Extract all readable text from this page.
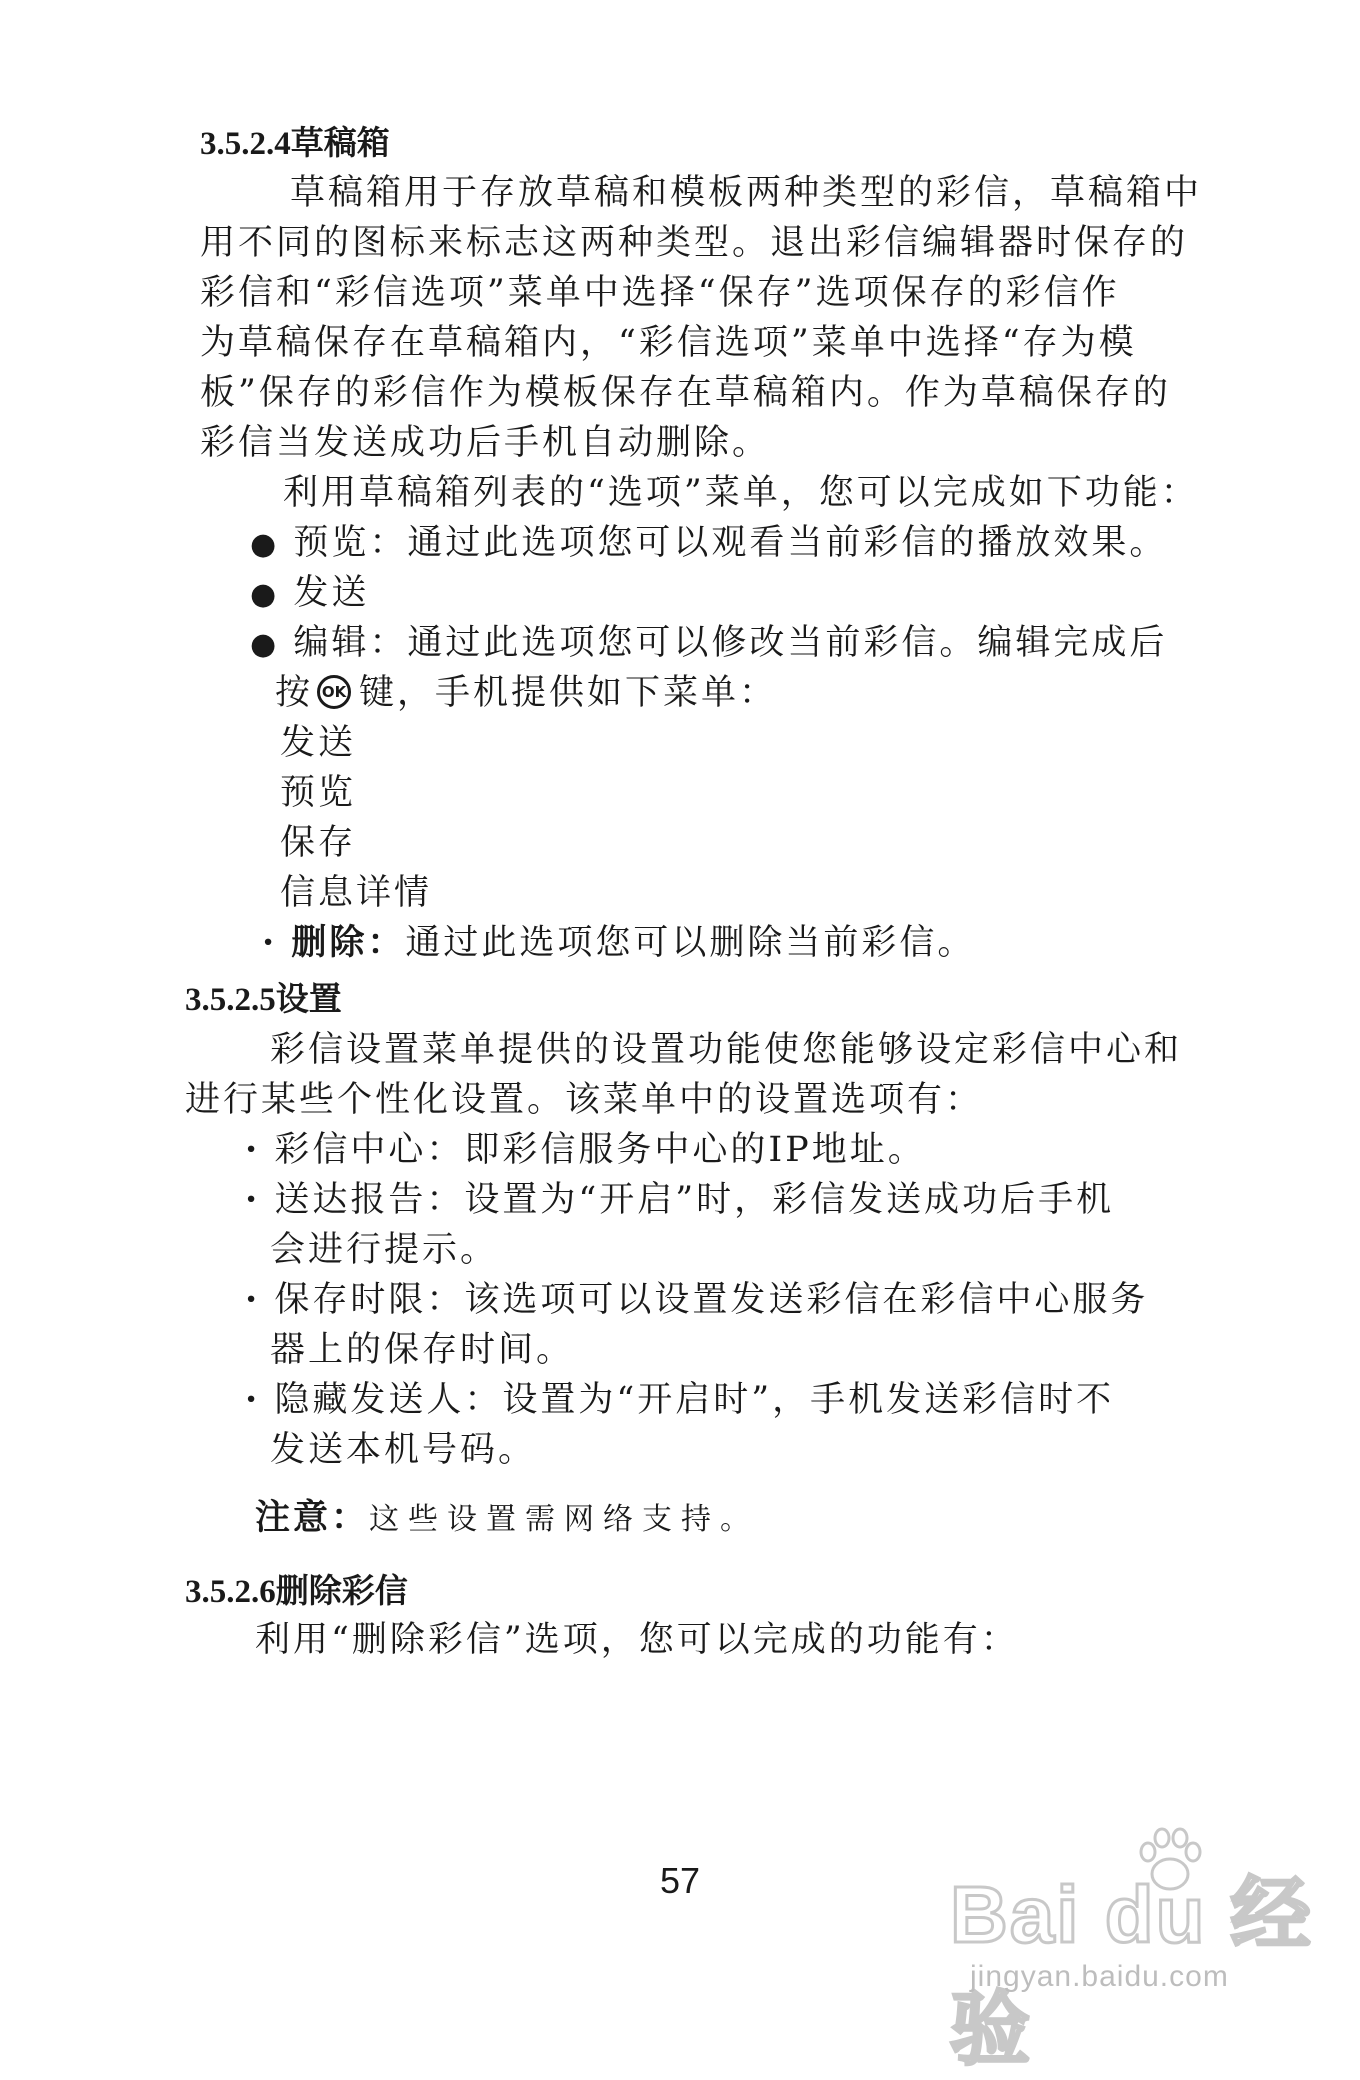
3.5.2.4草稿箱
草稿箱用于存放草稿和模板两种类型的彩信，草稿箱中
用不同的图标来标志这两种类型。退出彩信编辑器时保存的
彩信和“彩信选项”菜单中选择“保存”选项保存的彩信作
为草稿保存在草稿箱内，“彩信选项”菜单中选择“存为模
板”保存的彩信作为模板保存在草稿箱内。作为草稿保存的
彩信当发送成功后手机自动删除。
利用草稿箱列表的“选项”菜单，您可以完成如下功能：
● 预览：通过此选项您可以观看当前彩信的播放效果。
● 发送
● 编辑：通过此选项您可以修改当前彩信。编辑完成后
按 OK 键，手机提供如下菜单：
发送
预览
保存
信息详情
· 删除：通过此选项您可以删除当前彩信。
3.5.2.5设置
彩信设置菜单提供的设置功能使您能够设定彩信中心和
进行某些个性化设置。该菜单中的设置选项有：
· 彩信中心：即彩信服务中心的IP地址。
· 送达报告：设置为“开启”时，彩信发送成功后手机
会进行提示。
· 保存时限：该选项可以设置发送彩信在彩信中心服务
器上的保存时间。
· 隐藏发送人：设置为“开启时”，手机发送彩信时不
发送本机号码。
注意：这些设置需网络支持。
3.5.2.6删除彩信
利用“删除彩信”选项，您可以完成的功能有：
57	Bai du 经验
jingyan.baidu.com
